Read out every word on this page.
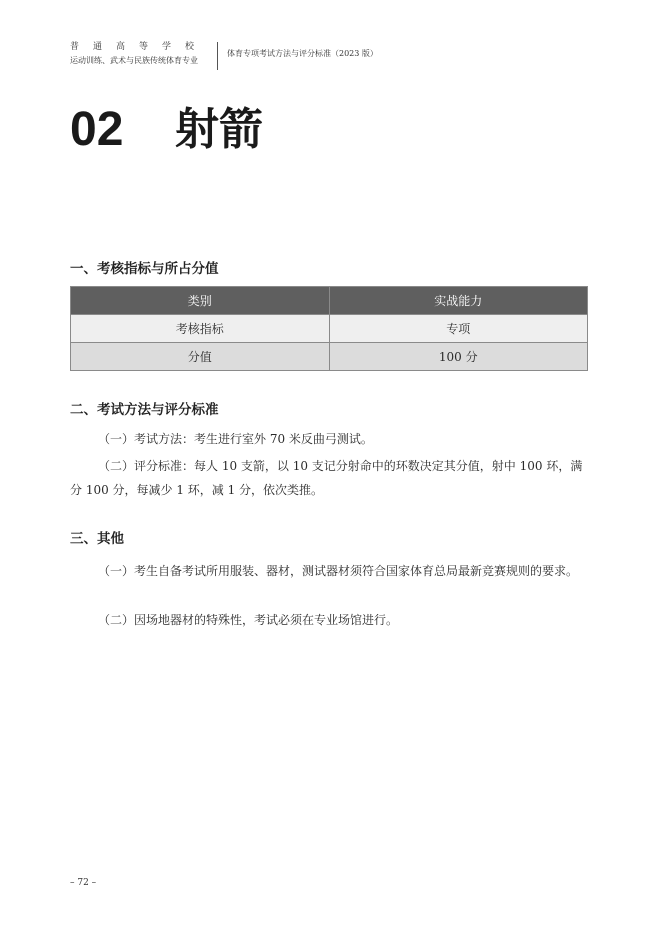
普通高等学校
运动训练、武术与民族传统体育专业
体育专项考试方法与评分标准（2023 版）
02 射箭
一、考核指标与所占分值
类别	实战能力
考核指标	专项
分值	100 分
二、考试方法与评分标准
（一）考试方法：考生进行室外 70 米反曲弓测试。
（二）评分标准：每人 10 支箭，以 10 支记分射命中的环数决定其分值，射中 100 环，满分 100 分，每减少 1 环，减 1 分，依次类推。
三、其他
（一）考生自备考试所用服装、器材，测试器材须符合国家体育总局最新竞赛规则的要求。
（二）因场地器材的特殊性，考试必须在专业场馆进行。
– 72 –
